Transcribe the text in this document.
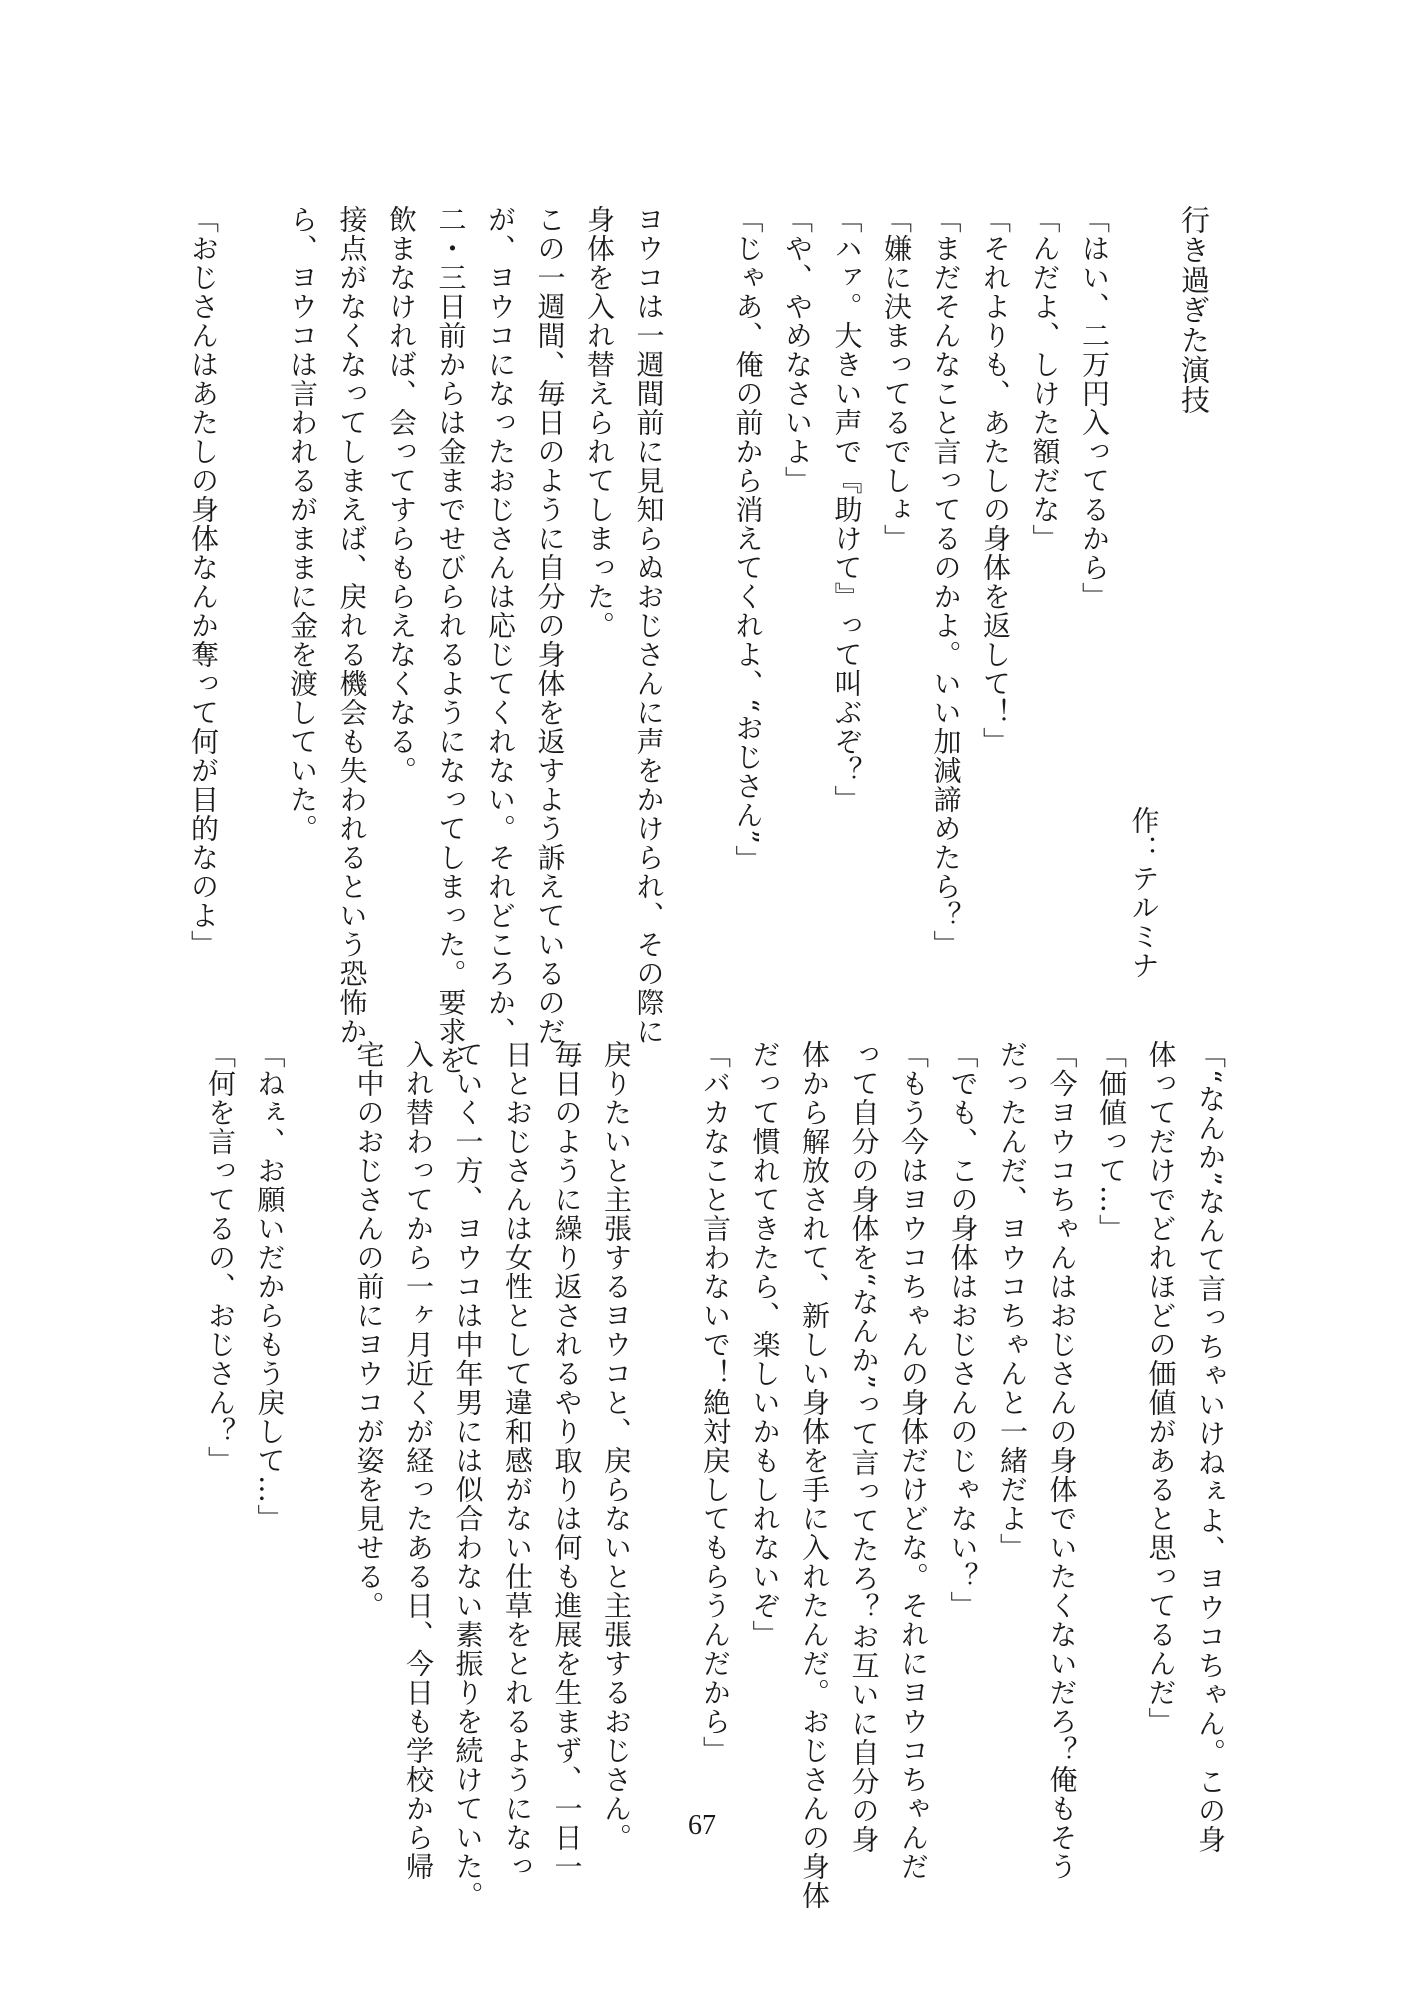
行き過ぎた演技
作：テルミナ
「はい、二万円入ってるから」
「んだよ、しけた額だな」
「それよりも、あたしの身体を返して！」
「まだそんなこと言ってるのかよ。いい加減諦めたら？」
「嫌に決まってるでしょ」
「ハァ。大きい声で『助けて』って叫ぶぞ？」
「や、やめなさいよ」
「じゃあ、俺の前から消えてくれよ、“おじさん”」
ヨウコは一週間前に見知らぬおじさんに声をかけられ、その際に
身体を入れ替えられてしまった。
この一週間、毎日のように自分の身体を返すよう訴えているのだ
が、ヨウコになったおじさんは応じてくれない。それどころか、
二・三日前からは金までせびられるようになってしまった。要求を
飲まなければ、会ってすらもらえなくなる。
接点がなくなってしまえば、戻れる機会も失われるという恐怖か
ら、ヨウコは言われるがままに金を渡していた。
「おじさんはあたしの身体なんか奪って何が目的なのよ」
「“なんか”なんて言っちゃいけねぇよ、ヨウコちゃん。この身
体ってだけでどれほどの価値があると思ってるんだ」
「価値って…」
「今ヨウコちゃんはおじさんの身体でいたくないだろ？俺もそう
だったんだ、ヨウコちゃんと一緒だよ」
「でも、この身体はおじさんのじゃない？」
「もう今はヨウコちゃんの身体だけどな。それにヨウコちゃんだ
って自分の身体を“なんか”って言ってたろ？お互いに自分の身
体から解放されて、新しい身体を手に入れたんだ。おじさんの身体
だって慣れてきたら、楽しいかもしれないぞ」
「バカなこと言わないで！絶対戻してもらうんだから」
戻りたいと主張するヨウコと、戻らないと主張するおじさん。
毎日のように繰り返されるやり取りは何も進展を生まず、一日一
日とおじさんは女性として違和感がない仕草をとれるようになっ
ていく一方、ヨウコは中年男には似合わない素振りを続けていた。
入れ替わってから一ヶ月近くが経ったある日、今日も学校から帰
宅中のおじさんの前にヨウコが姿を見せる。
「ねぇ、お願いだからもう戻して…」
「何を言ってるの、おじさん？」
67
